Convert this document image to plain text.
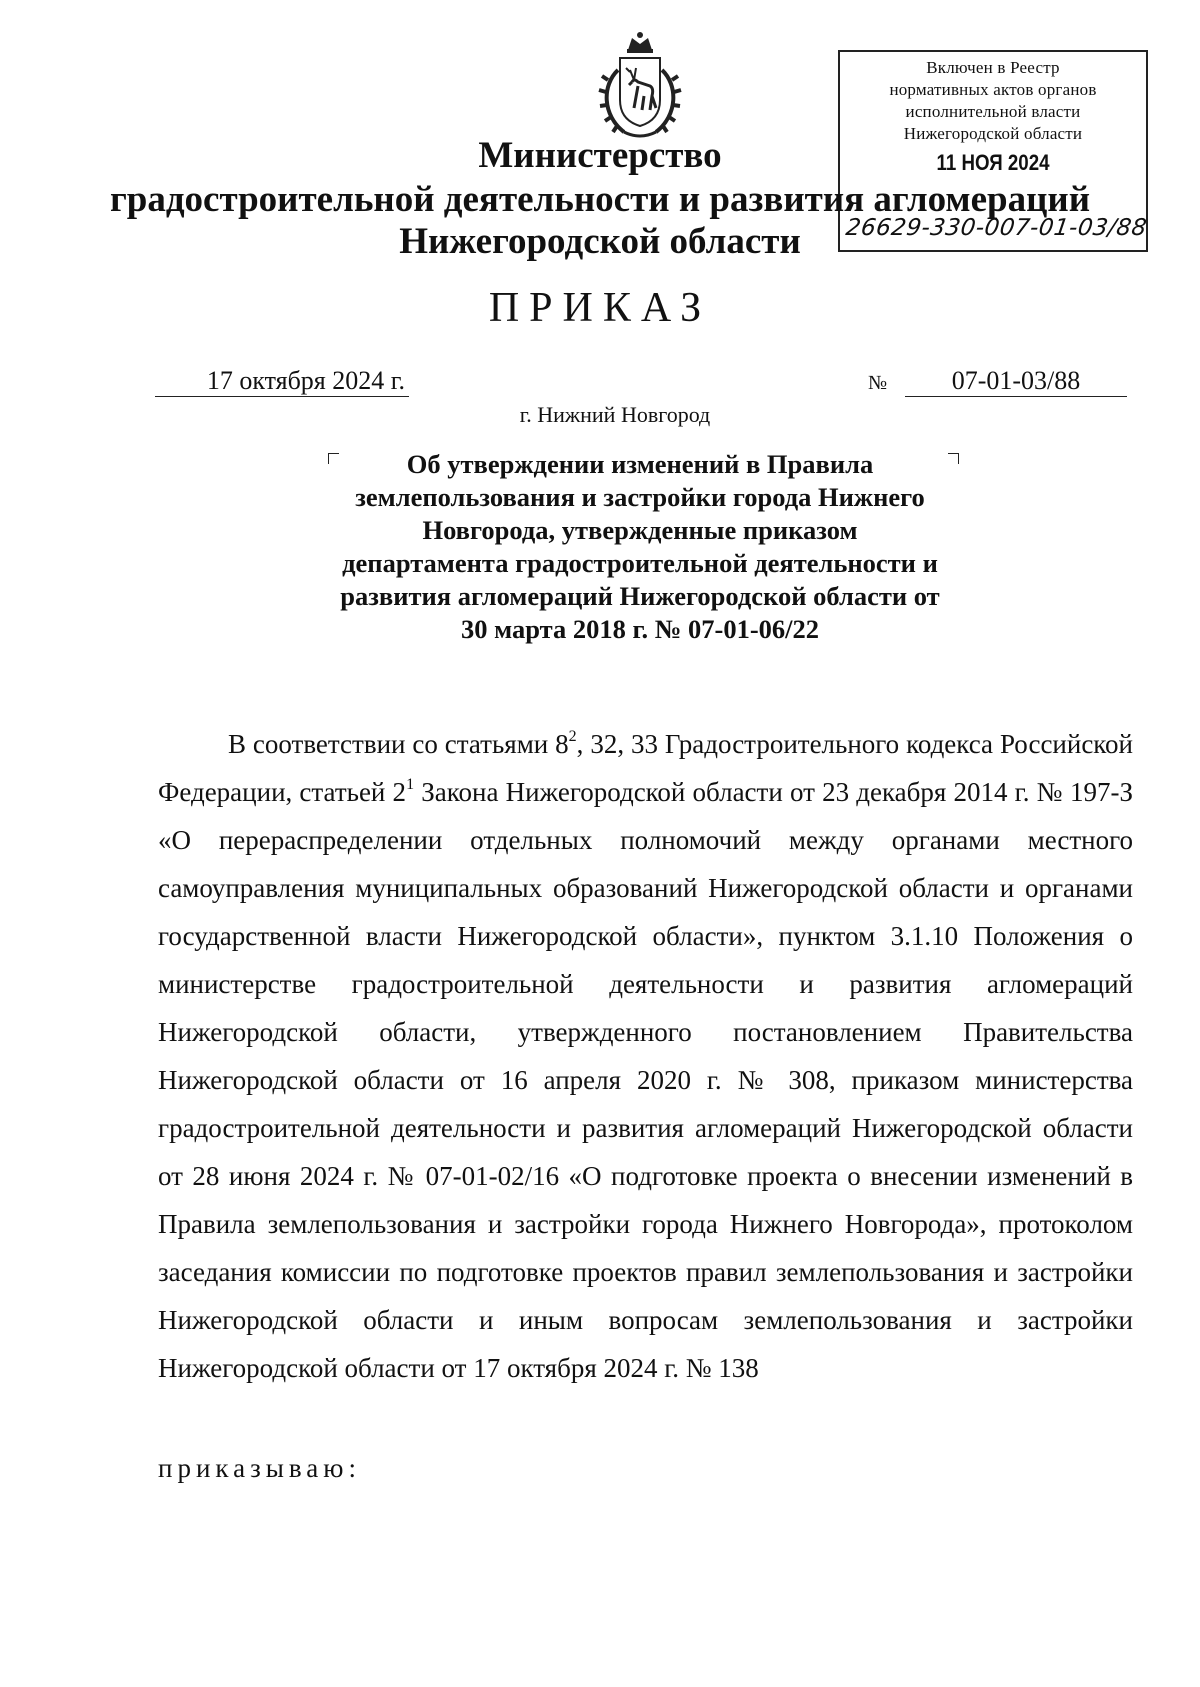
Включен в Реестр
нормативных актов органов
исполнительной власти
Нижегородской области
11 НОЯ 2024
26629-330-007-01-03/88
Министерство
градостроительной деятельности и развития агломераций
Нижегородской области
ПРИКАЗ
17 октября 2024 г.	№	07-01-03/88
г. Нижний Новгород
Об утверждении изменений в Правила землепользования и застройки города Нижнего Новгорода, утвержденные приказом департамента градостроительной деятельности и развития агломераций Нижегородской области от 30 марта 2018 г. № 07-01-06/22
В соответствии со статьями $8^2$, 32, 33 Градостроительного кодекса Российской Федерации, статьей $2^1$ Закона Нижегородской области от 23 декабря 2014 г. № 197-З «О перераспределении отдельных полномочий между органами местного самоуправления муниципальных образований Нижегородской области и органами государственной власти Нижегородской области», пунктом 3.1.10 Положения о министерстве градостроительной деятельности и развития агломераций Нижегородской области, утвержденного постановлением Правительства Нижегородской области от 16 апреля 2020 г. № 308, приказом министерства градостроительной деятельности и развития агломераций Нижегородской области от 28 июня 2024 г. № 07-01-02/16 «О подготовке проекта о внесении изменений в Правила землепользования и застройки города Нижнего Новгорода», протоколом заседания комиссии по подготовке проектов правил землепользования и застройки Нижегородской области и иным вопросам землепользования и застройки Нижегородской области от 17 октября 2024 г. № 138
приказываю:
